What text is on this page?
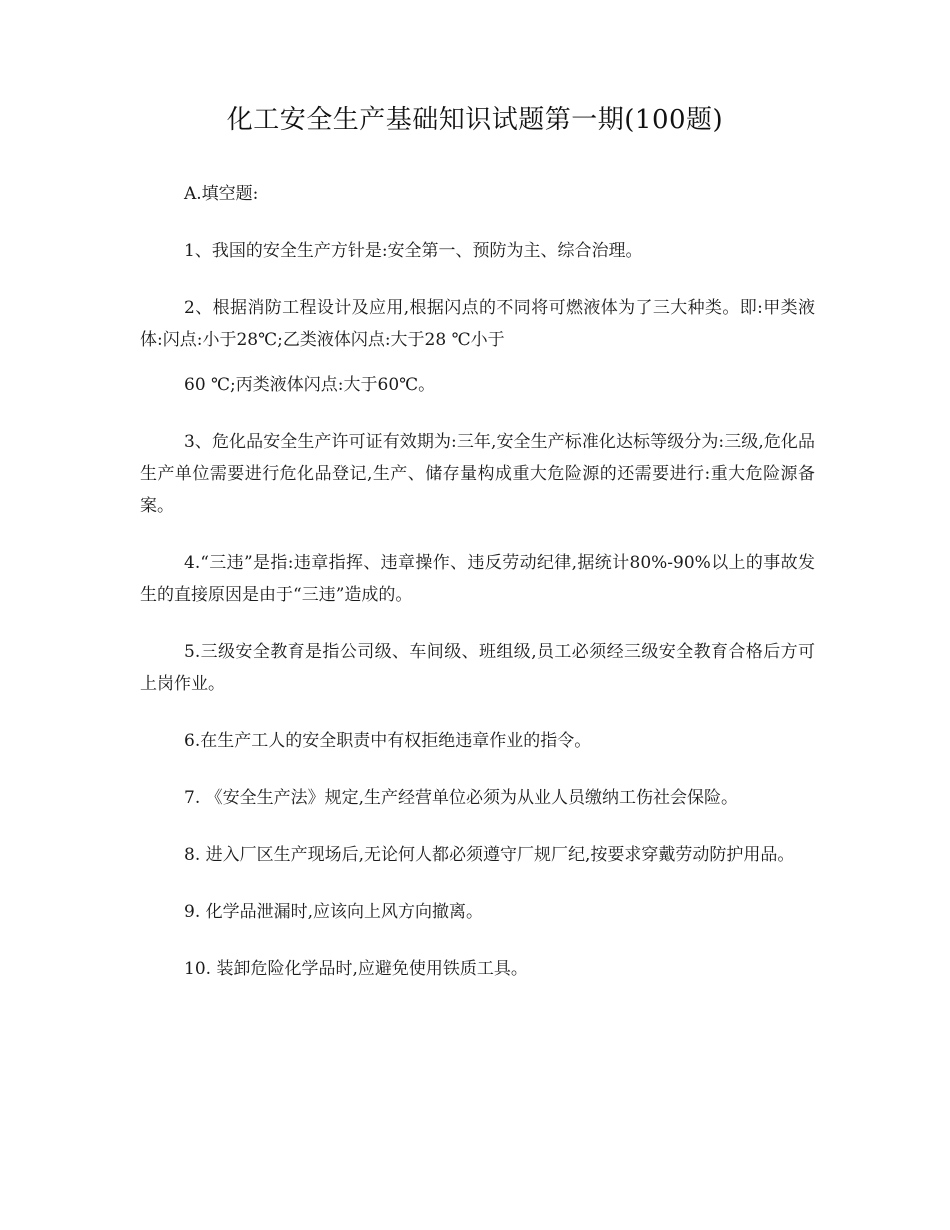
化工安全生产基础知识试题第一期(100题)

A.填空题:

1、我国的安全生产方针是:安全第一、预防为主、综合治理。

2、根据消防工程设计及应用,根据闪点的不同将可燃液体为了三大种类。即:甲类液体:闪点:小于28℃;乙类液体闪点:大于28 ℃小于

60 ℃;丙类液体闪点:大于60℃。

3、危化品安全生产许可证有效期为:三年,安全生产标准化达标等级分为:三级,危化品生产单位需要进行危化品登记,生产、储存量构成重大危险源的还需要进行:重大危险源备案。

4.“三违”是指:违章指挥、违章操作、违反劳动纪律,据统计80%-90%以上的事故发生的直接原因是由于“三违”造成的。

5.三级安全教育是指公司级、车间级、班组级,员工必须经三级安全教育合格后方可上岗作业。

6.在生产工人的安全职责中有权拒绝违章作业的指令。

7. 《安全生产法》规定,生产经营单位必须为从业人员缴纳工伤社会保险。

8. 进入厂区生产现场后,无论何人都必须遵守厂规厂纪,按要求穿戴劳动防护用品。

9. 化学品泄漏时,应该向上风方向撤离。

10. 装卸危险化学品时,应避免使用铁质工具。
